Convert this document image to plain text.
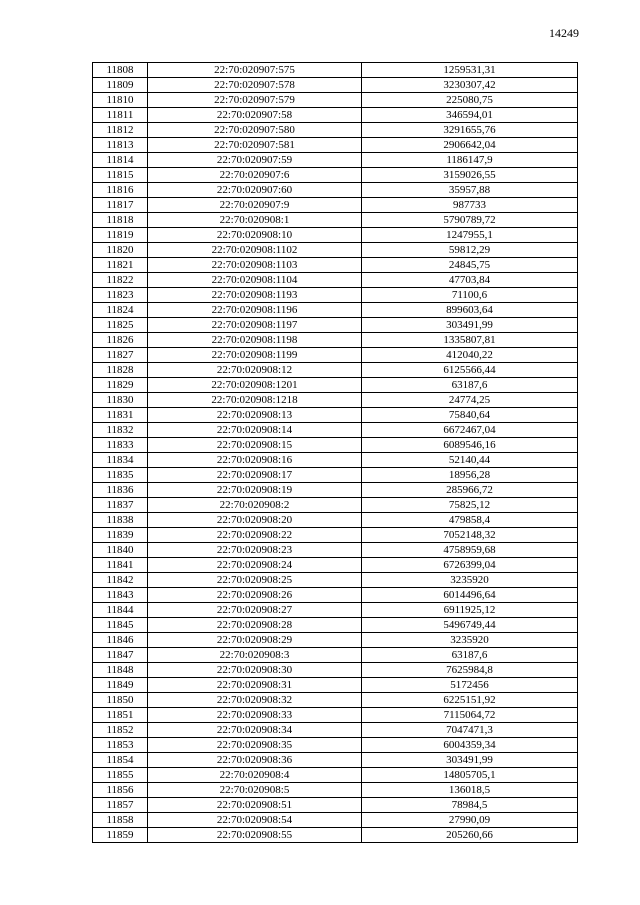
14249
11808	22:70:020907:575	1259531,31
11809	22:70:020907:578	3230307,42
11810	22:70:020907:579	225080,75
11811	22:70:020907:58	346594,01
11812	22:70:020907:580	3291655,76
11813	22:70:020907:581	2906642,04
11814	22:70:020907:59	1186147,9
11815	22:70:020907:6	3159026,55
11816	22:70:020907:60	35957,88
11817	22:70:020907:9	987733
11818	22:70:020908:1	5790789,72
11819	22:70:020908:10	1247955,1
11820	22:70:020908:1102	59812,29
11821	22:70:020908:1103	24845,75
11822	22:70:020908:1104	47703,84
11823	22:70:020908:1193	71100,6
11824	22:70:020908:1196	899603,64
11825	22:70:020908:1197	303491,99
11826	22:70:020908:1198	1335807,81
11827	22:70:020908:1199	412040,22
11828	22:70:020908:12	6125566,44
11829	22:70:020908:1201	63187,6
11830	22:70:020908:1218	24774,25
11831	22:70:020908:13	75840,64
11832	22:70:020908:14	6672467,04
11833	22:70:020908:15	6089546,16
11834	22:70:020908:16	52140,44
11835	22:70:020908:17	18956,28
11836	22:70:020908:19	285966,72
11837	22:70:020908:2	75825,12
11838	22:70:020908:20	479858,4
11839	22:70:020908:22	7052148,32
11840	22:70:020908:23	4758959,68
11841	22:70:020908:24	6726399,04
11842	22:70:020908:25	3235920
11843	22:70:020908:26	6014496,64
11844	22:70:020908:27	6911925,12
11845	22:70:020908:28	5496749,44
11846	22:70:020908:29	3235920
11847	22:70:020908:3	63187,6
11848	22:70:020908:30	7625984,8
11849	22:70:020908:31	5172456
11850	22:70:020908:32	6225151,92
11851	22:70:020908:33	7115064,72
11852	22:70:020908:34	7047471,3
11853	22:70:020908:35	6004359,34
11854	22:70:020908:36	303491,99
11855	22:70:020908:4	14805705,1
11856	22:70:020908:5	136018,5
11857	22:70:020908:51	78984,5
11858	22:70:020908:54	27990,09
11859	22:70:020908:55	205260,66
